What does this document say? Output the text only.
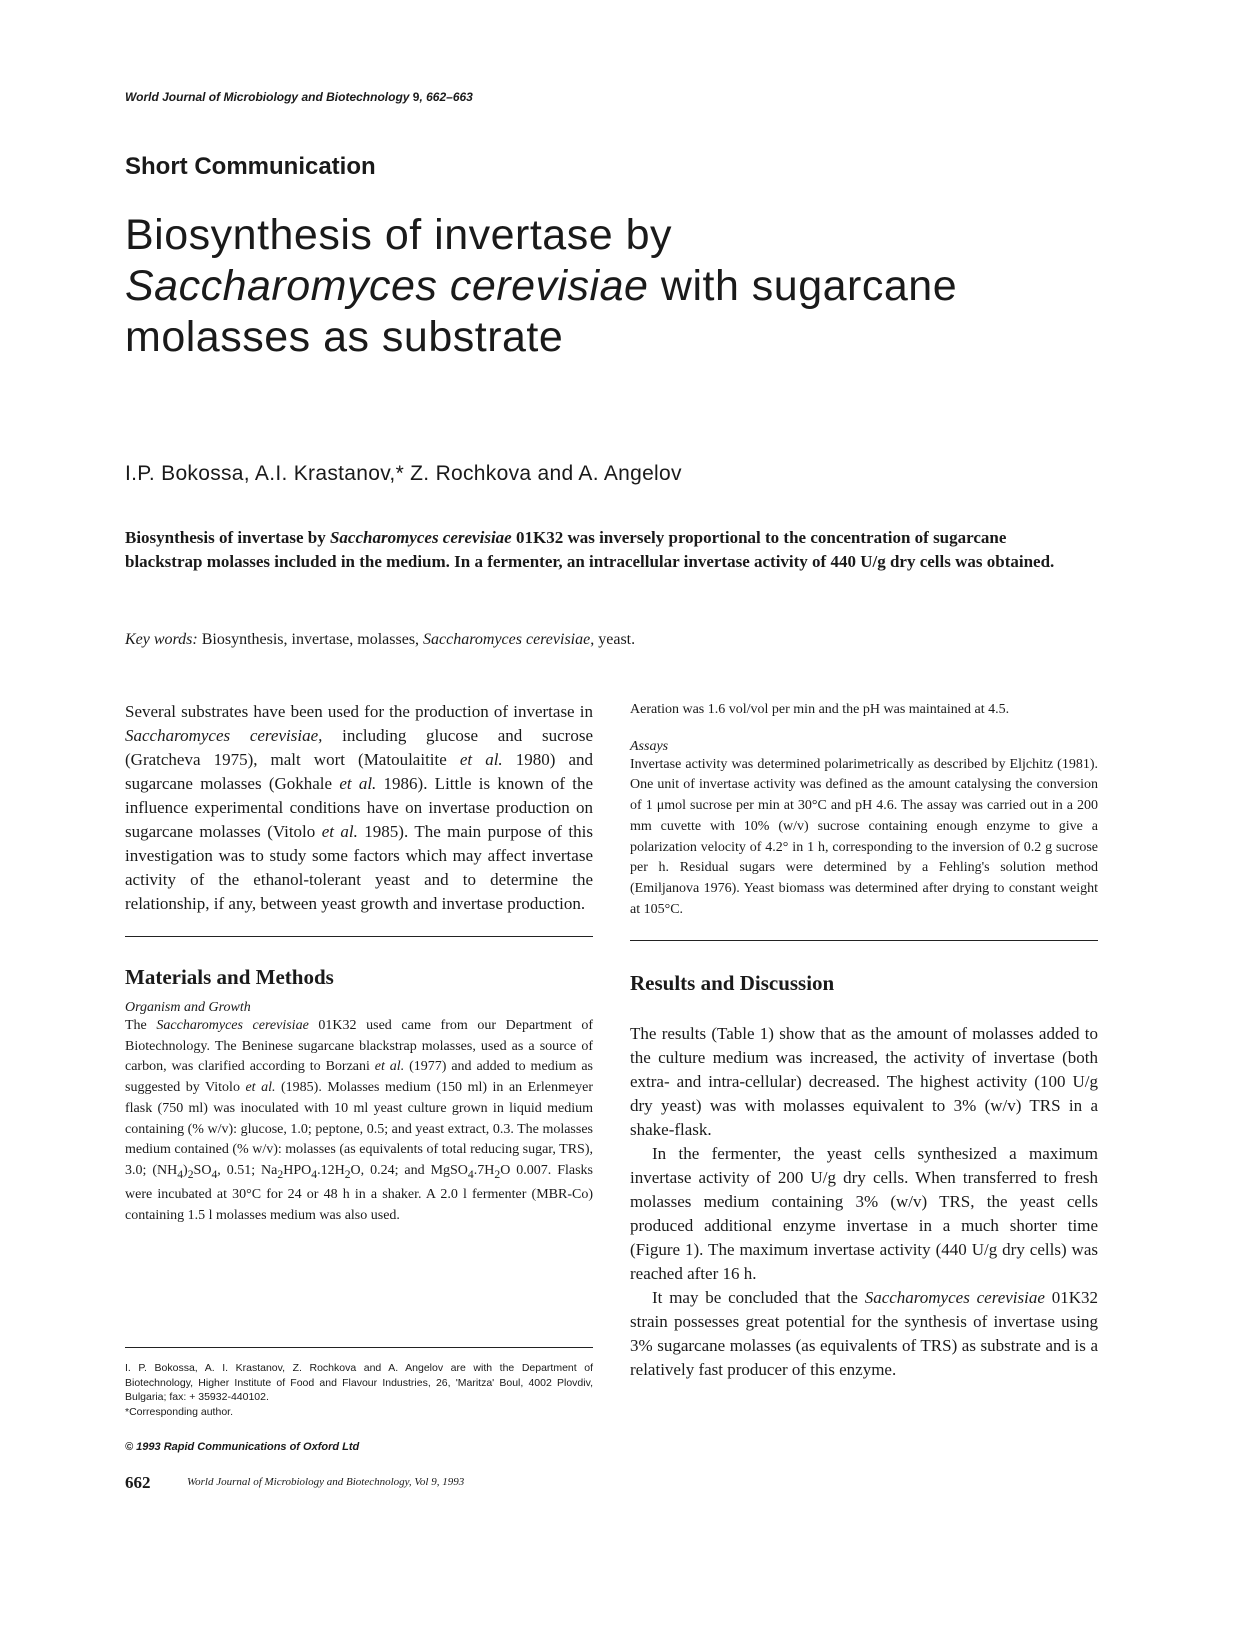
World Journal of Microbiology and Biotechnology 9, 662–663
Short Communication
Biosynthesis of invertase by
Saccharomyces cerevisiae with sugarcane
molasses as substrate
I.P. Bokossa, A.I. Krastanov,* Z. Rochkova and A. Angelov
Biosynthesis of invertase by Saccharomyces cerevisiae 01K32 was inversely proportional to the concentration of sugarcane blackstrap molasses included in the medium. In a fermenter, an intracellular invertase activity of 440 U/g dry cells was obtained.
Key words: Biosynthesis, invertase, molasses, Saccharomyces cerevisiae, yeast.

Several substrates have been used for the production of invertase in Saccharomyces cerevisiae, including glucose and sucrose (Gratcheva 1975), malt wort (Matoulaitite et al. 1980) and sugarcane molasses (Gokhale et al. 1986). Little is known of the influence experimental conditions have on invertase production on sugarcane molasses (Vitolo et al. 1985). The main purpose of this investigation was to study some factors which may affect invertase activity of the ethanol-tolerant yeast and to determine the relationship, if any, between yeast growth and invertase production.

Materials and Methods

Organism and Growth

The Saccharomyces cerevisiae 01K32 used came from our Department of Biotechnology. The Beninese sugarcane blackstrap molasses, used as a source of carbon, was clarified according to Borzani et al. (1977) and added to medium as suggested by Vitolo et al. (1985). Molasses medium (150 ml) in an Erlenmeyer flask (750 ml) was inoculated with 10 ml yeast culture grown in liquid medium containing (% w/v): glucose, 1.0; peptone, 0.5; and yeast extract, 0.3. The molasses medium contained (% w/v): molasses (as equivalents of total reducing sugar, TRS), 3.0; $(NH_4)_2SO_4$, 0.51; $Na_2HPO_4.12H_2O$, 0.24; and $MgSO_4.7H_2O$ 0.007. Flasks were incubated at 30°C for 24 or 48 h in a shaker. A 2.0 l fermenter (MBR-Co) containing 1.5 l molasses medium was also used.

I. P. Bokossa, A. I. Krastanov, Z. Rochkova and A. Angelov are with the Department of Biotechnology, Higher Institute of Food and Flavour Industries, 26, 'Maritza' Boul, 4002 Plovdiv, Bulgaria; fax: + 35932-440102.
*Corresponding author.
© 1993 Rapid Communications of Oxford Ltd
662	World Journal of Microbiology and Biotechnology, Vol 9, 1993

Aeration was 1.6 vol/vol per min and the pH was maintained at 4.5.

Assays

Invertase activity was determined polarimetrically as described by Eljchitz (1981). One unit of invertase activity was defined as the amount catalysing the conversion of 1 μmol sucrose per min at 30°C and pH 4.6. The assay was carried out in a 200 mm cuvette with 10% (w/v) sucrose containing enough enzyme to give a polarization velocity of 4.2° in 1 h, corresponding to the inversion of 0.2 g sucrose per h. Residual sugars were determined by a Fehling's solution method (Emiljanova 1976). Yeast biomass was determined after drying to constant weight at 105°C.

Results and Discussion

The results (Table 1) show that as the amount of molasses added to the culture medium was increased, the activity of invertase (both extra- and intra-cellular) decreased. The highest activity (100 U/g dry yeast) was with molasses equivalent to 3% (w/v) TRS in a shake-flask.

In the fermenter, the yeast cells synthesized a maximum invertase activity of 200 U/g dry cells. When transferred to fresh molasses medium containing 3% (w/v) TRS, the yeast cells produced additional enzyme invertase in a much shorter time (Figure 1). The maximum invertase activity (440 U/g dry cells) was reached after 16 h.

It may be concluded that the Saccharomyces cerevisiae 01K32 strain possesses great potential for the synthesis of invertase using 3% sugarcane molasses (as equivalents of TRS) as substrate and is a relatively fast producer of this enzyme.
